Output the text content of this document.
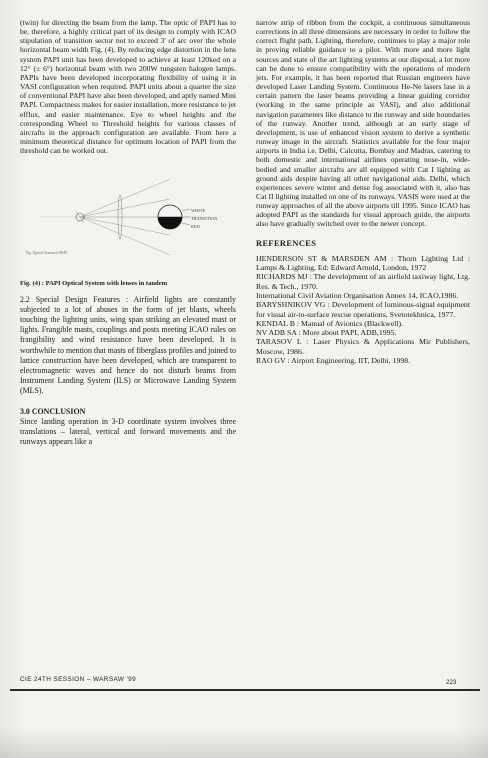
(twin) for directing the beam from the lamp. The optic of PAPI has to be, therefore, a highly critical part of its design to comply with ICAO stipulation of transition sector not to exceed 3' of arc over the whole horizontal beam width Fig. (4). By reducing edge distortion in the lens system PAPI unit has been developed to achieve at least 120ked on a 12° (± 6°) horizontal beam with two 200W tungsten halogen lamps. PAPIs have been developed incorporating flexibility of using it in VASI configuration when required. PAPI units about a quarter the size of conventional PAPI have also been developed, and aptly named Mini PAPI. Compactness makes for easier installation, more resistance to jet efflux, and easier maintenance. Eye to wheel heights and the corresponding Wheel to Threshold heights for various classes of aircrafts in the approach configuration are available. From here a minimum theoretical distance for optimum location of PAPI from the threshold can be worked out.

WHITE
TRANSITION
RED
Fig. Optical System of PAPI
Fig. (4) : PAPI Optical System with lenses in tandem

2.2 Special Design Features : Airfield lights are constantly subjected to a lot of abuses in the form of jet blasts, wheels touching the lighting units, wing span striking an elevated mast or lights. Frangible masts, couplings and posts meeting ICAO rules on frangibility and wind resistance have been developed. It is worthwhile to mention that masts of fiberglass profiles and joined to lattice construction have been developed, which are transparent to electromagnetic waves and hence do not disturb beams from Instrument Landing System (ILS) or Microwave Landing System (MLS).

3.0 CONCLUSION

Since landing operation in 3-D coordinate system involves three translations – lateral, vertical and forward movements and the runways appears like a

narrow strip of ribbon from the cockpit, a continuous simultaneous corrections in all three dimensions are necessary in order to follow the correct flight path. Lighting, therefore, continues to play a major role in proving reliable guidance to a pilot. With more and more light sources and state of the art lighting systems at our disposal, a lot more can be done to ensure compatibility with the operations of modern jets. For example, it has been reported that Russian engineers have developed Laser Landing System. Continuous He-Ne lasers lase in a certain pattern the laser beams providing a linear guiding corridor (working in the same principle as VASI), and also additional navigation parameters like distance to the runway and side boundaries of the runway. Another trend, although at an early stage of development, is use of enhanced vision system to derive a synthetic runway image in the aircraft. Statistics available for the four major airports in India i.e. Delhi, Calcutta, Bombay and Madras, catering to both domestic and international airlines operating nose-in, wide-bodied and smaller aircrafts are all equipped with Cat I lighting as ground aids despite having all other navigational aids. Delhi, which experiences severe winter and dense fog associated with it, also has Cat II lighting installed on one of its runways. VASIS were used at the runway approaches of all the above airports till 1995. Since ICAO has adopted PAPI as the standards for visual approach guide, the airports also have gradually switched over to the newer concept.

REFERENCES

HENDERSON ST & MARSDEN AM : Thorn Lighting Ltd : Lamps & Lighting, Ed: Edward Arnold, London, 1972

RICHARDS MJ : The development of an airfield taxiway light, Ltg. Res. & Tech., 1970.

International Civil Aviation Organisation Annex 14, ICAO,1986.

BARYSHNIKOV VG : Development of luminous-signal equipment for visual air-to-surface rescue operations, Svetotekhnica, 1977.

KENDAL B : Manual of Avionics (Blackwell).

NV ADB SA : More about PAPI, ADB,1995.

TARASOV L : Laser Physics & Applications Mir Publishers, Moscow, 1986.

RAO GV : Airport Engineering, IIT, Delhi, 1998.

CIE 24TH SESSION – WARSAW '99	223
